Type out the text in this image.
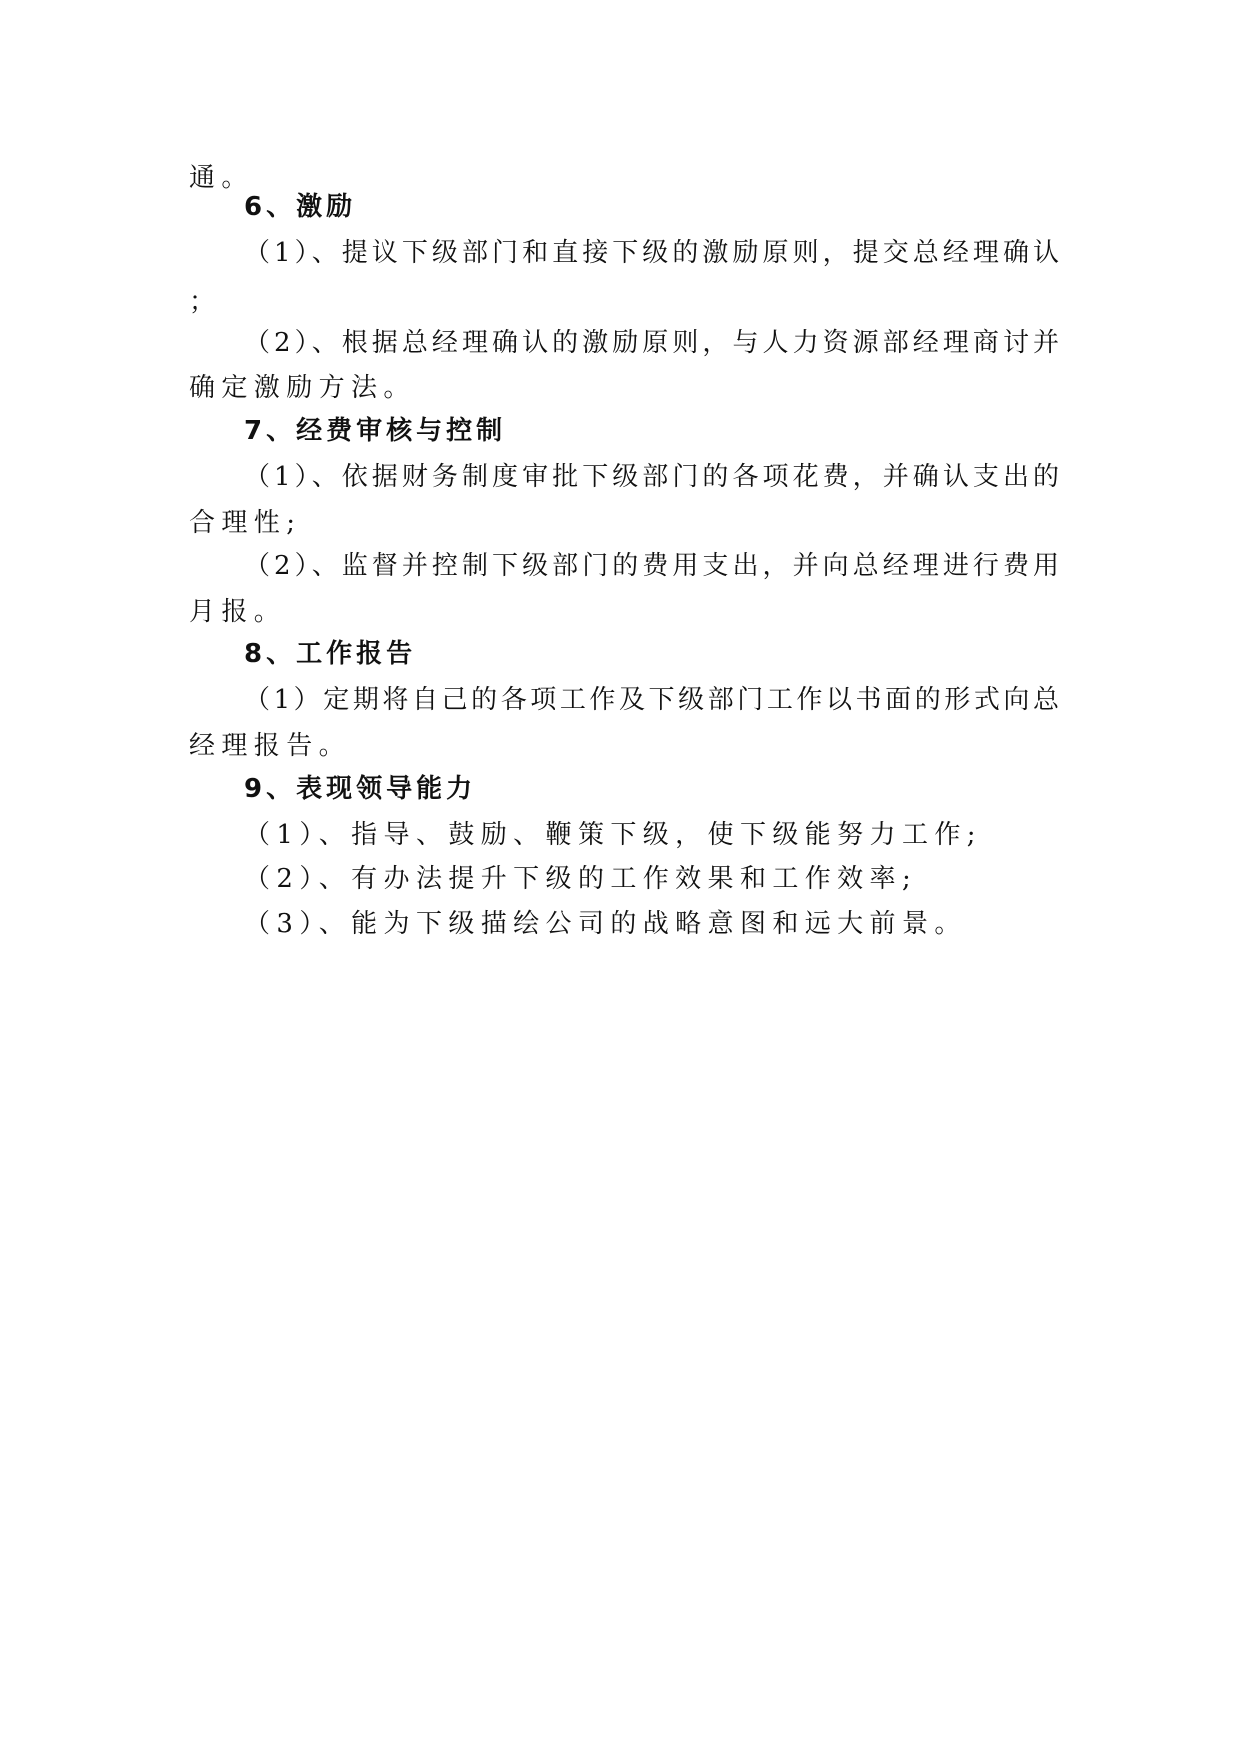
通。

6、激励

（1）、提议下级部门和直接下级的激励原则，提交总经理确认

；

（2）、根据总经理确认的激励原则，与人力资源部经理商讨并

确定激励方法。

7、经费审核与控制

（1）、依据财务制度审批下级部门的各项花费，并确认支出的

合理性;

（2）、监督并控制下级部门的费用支出，并向总经理进行费用

月报。

8、工作报告

（1）定期将自己的各项工作及下级部门工作以书面的形式向总

经理报告。

9、表现领导能力

（1）、指导、鼓励、鞭策下级，使下级能努力工作;

（2）、有办法提升下级的工作效果和工作效率;

（3）、能为下级描绘公司的战略意图和远大前景。
